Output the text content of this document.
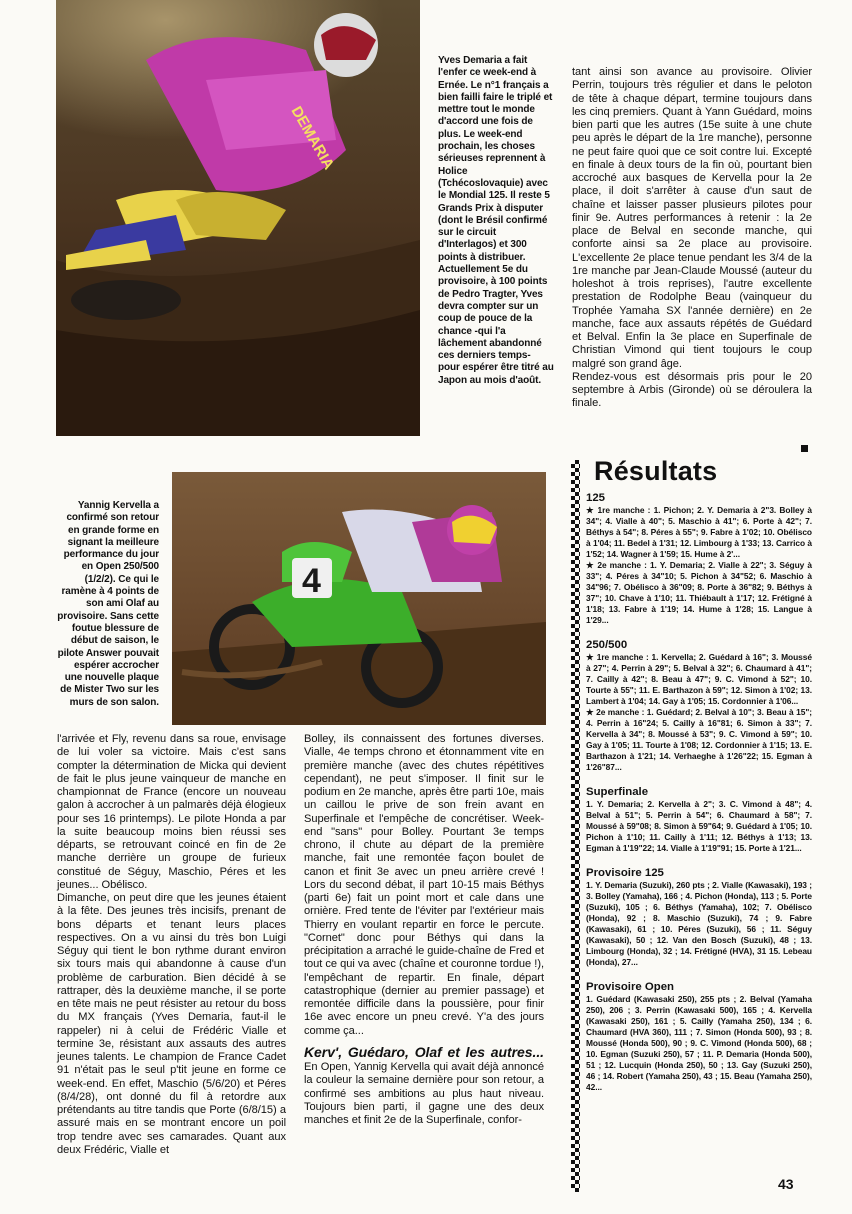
DEMARIA
Yves Demaria a fait l'enfer ce week-end à Ernée. Le n°1 français a bien failli faire le triplé et mettre tout le monde d'accord une fois de plus. Le week-end prochain, les choses sérieuses reprennent à Holice (Tchécoslovaquie) avec le Mondial 125. Il reste 5 Grands Prix à disputer (dont le Brésil confirmé sur le circuit d'Interlagos) et 300 points à distribuer. Actuellement 5e du provisoire, à 100 points de Pedro Tragter, Yves devra compter sur un coup de pouce de la chance -qui l'a lâchement abandonné ces derniers temps- pour espérer être titré au Japon au mois d'août.
4
Yannig Kervella a confirmé son retour en grande forme en signant la meilleure performance du jour en Open 250/500 (1/2/2). Ce qui le ramène à 4 points de son ami Olaf au provisoire. Sans cette foutue blessure de début de saison, le pilote Answer pouvait espérer accrocher une nouvelle plaque de Mister Two sur les murs de son salon.

tant ainsi son avance au provisoire. Olivier Perrin, toujours très régulier et dans le peloton de tête à chaque départ, termine toujours dans les cinq premiers. Quant à Yann Guédard, moins bien parti que les autres (15e suite à une chute peu après le départ de la 1re manche), personne ne peut faire quoi que ce soit contre lui. Excepté en finale à deux tours de la fin où, pourtant bien accroché aux basques de Kervella pour la 2e place, il doit s'arrêter à cause d'un saut de chaîne et laisser passer plusieurs pilotes pour finir 9e. Autres performances à retenir : la 2e place de Belval en seconde manche, qui conforte ainsi sa 2e place au provisoire. L'excellente 2e place tenue pendant les 3/4 de la 1re manche par Jean-Claude Moussé (auteur du holeshot à trois reprises), l'autre excellente prestation de Rodolphe Beau (vainqueur du Trophée Yamaha SX l'année dernière) en 2e manche, face aux assauts répétés de Guédard et Belval. Enfin la 3e place en Superfinale de Christian Vimond qui tient toujours le coup malgré son grand âge.

Rendez-vous est désormais pris pour le 20 septembre à Arbis (Gironde) où se déroulera la finale.

l'arrivée et Fly, revenu dans sa roue, envisage de lui voler sa victoire. Mais c'est sans compter la détermination de Micka qui devient de fait le plus jeune vainqueur de manche en championnat de France (encore un nouveau galon à accrocher à un palmarès déjà élogieux pour ses 16 printemps). Le pilote Honda a par la suite beaucoup moins bien réussi ses départs, se retrouvant coincé en fin de 2e manche derrière un groupe de furieux constitué de Séguy, Maschio, Péres et les jeunes... Obélisco.

Dimanche, on peut dire que les jeunes étaient à la fête. Des jeunes très incisifs, prenant de bons départs et tenant leurs places respectives. On a vu ainsi du très bon Luigi Séguy qui tient le bon rythme durant environ six tours mais qui abandonne à cause d'un problème de carburation. Bien décidé à se rattraper, dès la deuxième manche, il se porte en tête mais ne peut résister au retour du boss du MX français (Yves Demaria, faut-il le rappeler) ni à celui de Frédéric Vialle et termine 3e, résistant aux assauts des autres jeunes talents. Le champion de France Cadet 91 n'était pas le seul p'tit jeune en forme ce week-end. En effet, Maschio (5/6/20) et Péres (8/4/28), ont donné du fil à retordre aux prétendants au titre tandis que Porte (6/8/15) a assuré mais en se montrant encore un poil trop tendre avec ses camarades. Quant aux deux Frédéric, Vialle et

Bolley, ils connaissent des fortunes diverses. Vialle, 4e temps chrono et étonnamment vite en première manche (avec des chutes répétitives cependant), ne peut s'imposer. Il finit sur le podium en 2e manche, après être parti 10e, mais un caillou le prive de son frein avant en Superfinale et l'empêche de concrétiser. Week-end "sans" pour Bolley. Pourtant 3e temps chrono, il chute au départ de la première manche, fait une remontée façon boulet de canon et finit 3e avec un pneu arrière crevé ! Lors du second débat, il part 10-15 mais Béthys (parti 6e) fait un point mort et cale dans une ornière. Fred tente de l'éviter par l'extérieur mais Thierry en voulant repartir en force le percute. "Cornet" donc pour Béthys qui dans la précipitation a arraché le guide-chaîne de Fred et tout ce qui va avec (chaîne et couronne tordue !), l'empêchant de repartir. En finale, départ catastrophique (dernier au premier passage) et remontée difficile dans la poussière, pour finir 16e avec encore un pneu crevé. Y'a des jours comme ça...

Kerv', Guédaro, Olaf et les autres... En Open, Yannig Kervella qui avait déjà annoncé la couleur la semaine dernière pour son retour, a confirmé ses ambitions au plus haut niveau. Toujours bien parti, il gagne une des deux manches et finit 2e de la Superfinale, confor-

Résultats
125
★ 1re manche : 1. Pichon; 2. Y. Demaria à 2"3. Bolley à 34"; 4. Vialle à 40"; 5. Maschio à 41"; 6. Porte à 42"; 7. Béthys à 54"; 8. Péres à 55"; 9. Fabre à 1'02; 10. Obélisco à 1'04; 11. Bedel à 1'31; 12. Limbourg à 1'33; 13. Carrico à 1'52; 14. Wagner à 1'59; 15. Hume à 2'...
★ 2e manche : 1. Y. Demaria; 2. Vialle à 22"; 3. Séguy à 33"; 4. Péres à 34"10; 5. Pichon à 34"52; 6. Maschio à 34"96; 7. Obélisco à 36"09; 8. Porte à 36"82; 9. Béthys à 37"; 10. Chave à 1'10; 11. Thiébault à 1'17; 12. Frétigné à 1'18; 13. Fabre à 1'19; 14. Hume à 1'28; 15. Langue à 1'29...
250/500
★ 1re manche : 1. Kervella; 2. Guédard à 16"; 3. Moussé à 27"; 4. Perrin à 29"; 5. Belval à 32"; 6. Chaumard à 41"; 7. Cailly à 42"; 8. Beau à 47"; 9. C. Vimond à 52"; 10. Tourte à 55"; 11. E. Barthazon à 59"; 12. Simon à 1'02; 13. Lambert à 1'04; 14. Gay à 1'05; 15. Cordonnier à 1'06...
★ 2e manche : 1. Guédard; 2. Belval à 10"; 3. Beau à 15"; 4. Perrin à 16"24; 5. Cailly à 16"81; 6. Simon à 33"; 7. Kervella à 34"; 8. Moussé à 53"; 9. C. Vimond à 59"; 10. Gay à 1'05; 11. Tourte à 1'08; 12. Cordonnier à 1'15; 13. E. Barthazon à 1'21; 14. Verhaeghe à 1'26"22; 15. Egman à 1'26"87...
Superfinale
1. Y. Demaria; 2. Kervella à 2"; 3. C. Vimond à 48"; 4. Belval à 51"; 5. Perrin à 54"; 6. Chaumard à 58"; 7. Moussé à 59"08; 8. Simon à 59"64; 9. Guédard à 1'05; 10. Pichon à 1'10; 11. Cailly à 1'11; 12. Béthys à 1'13; 13. Egman à 1'19"22; 14. Vialle à 1'19"91; 15. Porte à 1'21...
Provisoire 125
1. Y. Demaria (Suzuki), 260 pts ; 2. Vialle (Kawasaki), 193 ; 3. Bolley (Yamaha), 166 ; 4. Pichon (Honda), 113 ; 5. Porte (Suzuki), 105 ; 6. Béthys (Yamaha), 102; 7. Obélisco (Honda), 92 ; 8. Maschio (Suzuki), 74 ; 9. Fabre (Kawasaki), 61 ; 10. Péres (Suzuki), 56 ; 11. Séguy (Kawasaki), 50 ; 12. Van den Bosch (Suzuki), 48 ; 13. Limbourg (Honda), 32 ; 14. Frétigné (HVA), 31 15. Lebeau (Honda), 27...
Provisoire Open
1. Guédard (Kawasaki 250), 255 pts ; 2. Belval (Yamaha 250), 206 ; 3. Perrin (Kawasaki 500), 165 ; 4. Kervella (Kawasaki 250), 161 ; 5. Cailly (Yamaha 250), 134 ; 6. Chaumard (HVA 360), 111 ; 7. Simon (Honda 500), 93 ; 8. Moussé (Honda 500), 90 ; 9. C. Vimond (Honda 500), 68 ; 10. Egman (Suzuki 250), 57 ; 11. P. Demaria (Honda 500), 51 ; 12. Lucquin (Honda 250), 50 ; 13. Gay (Suzuki 250), 46 ; 14. Robert (Yamaha 250), 43 ; 15. Beau (Yamaha 250), 42...
43
